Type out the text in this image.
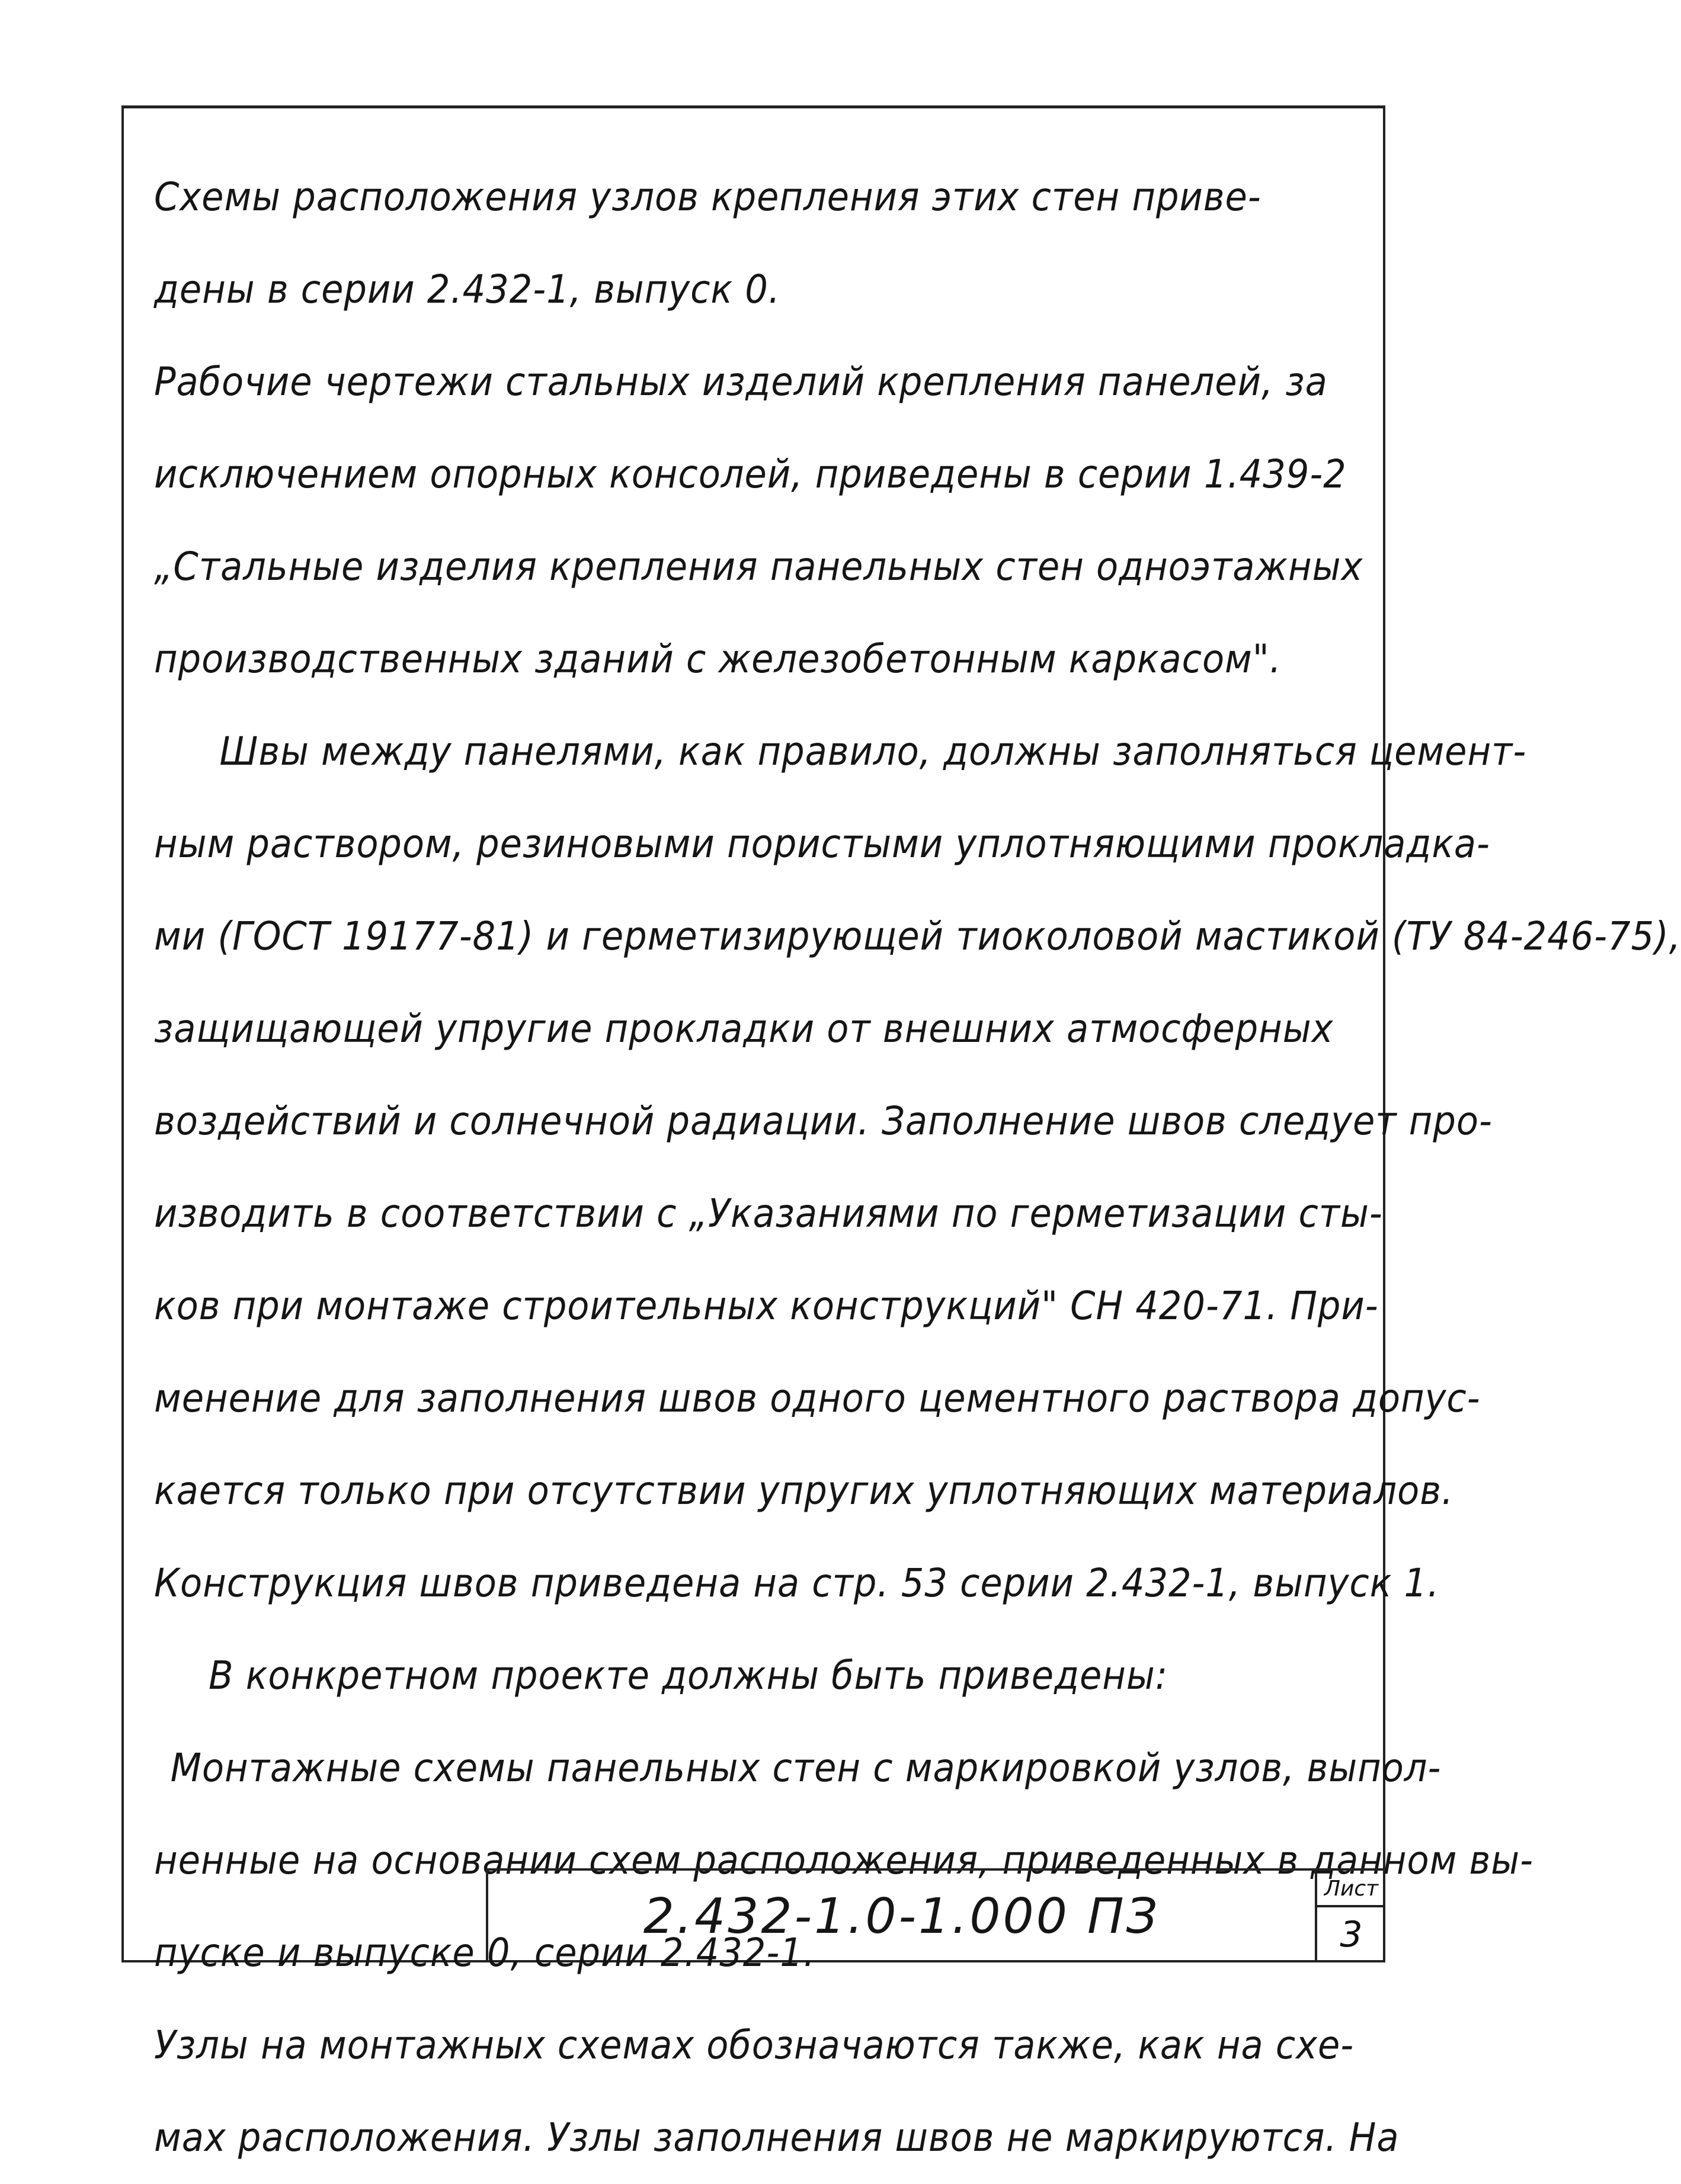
Схемы расположения узлов крепления этих стен приве-
дены в серии 2.432-1, выпуск 0.
Рабочие чертежи стальных изделий крепления панелей, за
исключением опорных консолей, приведены в серии 1.439-2
„Стальные изделия крепления панельных стен одноэтажных
производственных зданий с железобетонным каркасом".
Швы между панелями, как правило, должны заполняться цемент-
ным раствором, резиновыми пористыми уплотняющими прокладка-
ми (ГОСТ 19177-81) и герметизирующей тиоколовой мастикой (ТУ 84-246-75),
защищающей упругие прокладки от внешних атмосферных
воздействий и солнечной радиации. Заполнение швов следует про-
изводить в соответствии с „Указаниями по герметизации сты-
ков при монтаже строительных конструкций" СН 420-71. При-
менение для заполнения швов одного цементного раствора допус-
кается только при отсутствии упругих уплотняющих материалов.
Конструкция швов приведена на стр. 53 серии 2.432-1, выпуск 1.
В конкретном проекте должны быть приведены:
Монтажные схемы панельных стен с маркировкой узлов, выпол-
ненные на основании схем расположения, приведенных в данном вы-
пуске и выпуске 0, серии 2.432-1.
Узлы на монтажных схемах обозначаются также, как на схе-
мах расположения. Узлы заполнения швов не маркируются. На
2.432-1.0-1.000 ПЗ	Лист
3
